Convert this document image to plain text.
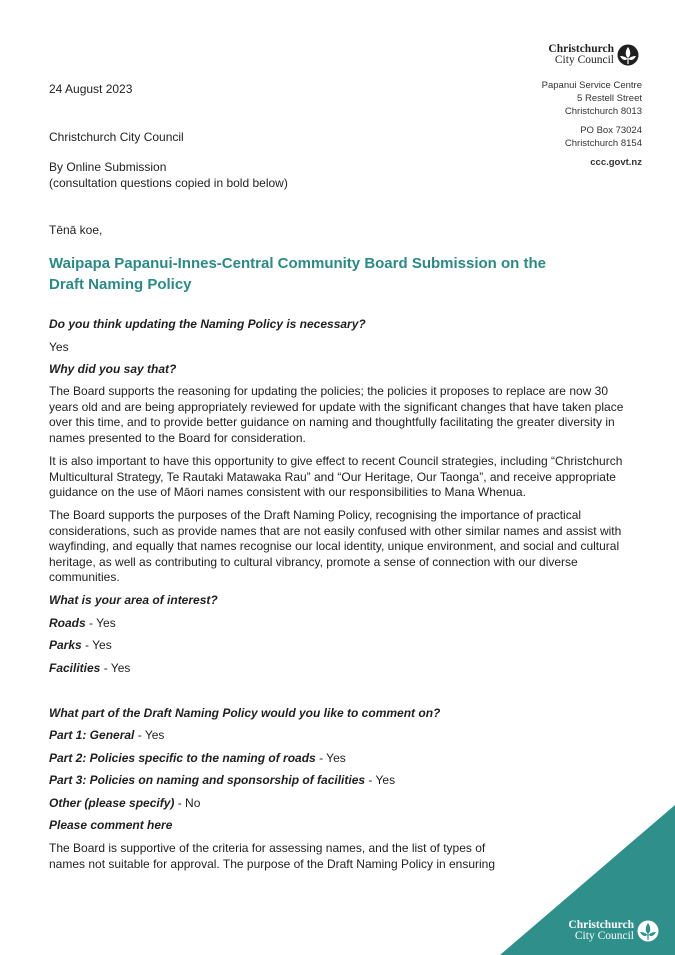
Christchurch
City Council
Papanui Service Centre
5 Restell Street
Christchurch 8013
PO Box 73024
Christchurch 8154
ccc.govt.nz
24 August 2023
Christchurch City Council
By Online Submission
(consultation questions copied in bold below)
Tēnā koe,
Waipapa Papanui-Innes-Central Community Board Submission on the Draft Naming Policy
Do you think updating the Naming Policy is necessary?
Yes
Why did you say that?
The Board supports the reasoning for updating the policies; the policies it proposes to replace are now 30 years old and are being appropriately reviewed for update with the significant changes that have taken place over this time, and to provide better guidance on naming and thoughtfully facilitating the greater diversity in names presented to the Board for consideration.
It is also important to have this opportunity to give effect to recent Council strategies, including “Christchurch Multicultural Strategy, Te Rautaki Matawaka Rau” and “Our Heritage, Our Taonga”, and receive appropriate guidance on the use of Māori names consistent with our responsibilities to Mana Whenua.
The Board supports the purposes of the Draft Naming Policy, recognising the importance of practical considerations, such as provide names that are not easily confused with other similar names and assist with wayfinding, and equally that names recognise our local identity, unique environment, and social and cultural heritage, as well as contributing to cultural vibrancy, promote a sense of connection with our diverse communities.
What is your area of interest?
Roads - Yes
Parks - Yes
Facilities - Yes
What part of the Draft Naming Policy would you like to comment on?
Part 1: General - Yes
Part 2: Policies specific to the naming of roads - Yes
Part 3: Policies on naming and sponsorship of facilities - Yes
Other (please specify) - No
Please comment here
The Board is supportive of the criteria for assessing names, and the list of types of
names not suitable for approval. The purpose of the Draft Naming Policy in ensuring
Christchurch
City Council
